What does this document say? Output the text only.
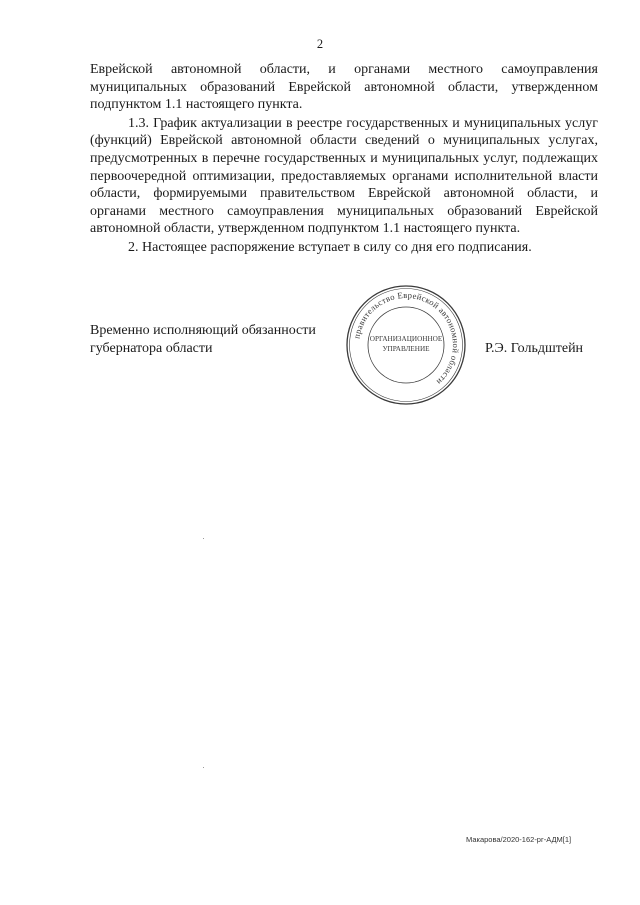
2

Еврейской автономной области, и органами местного самоуправления муниципальных образований Еврейской автономной области, утвержденном подпунктом 1.1 настоящего пункта.

1.3. График актуализации в реестре государственных и муниципальных услуг (функций) Еврейской автономной области сведений о муниципальных услугах, предусмотренных в перечне государственных и муниципальных услуг, подлежащих первоочередной оптимизации, предоставляемых органами исполнительной власти области, формируемыми правительством Еврейской автономной области, и органами местного самоуправления муниципальных образований Еврейской автономной области, утвержденном подпунктом 1.1 настоящего пункта.

2. Настоящее распоряжение вступает в силу со дня его подписания.

Временно исполняющий обязанности
губернатора области
правительство Еврейской автономной области
ОРГАНИЗАЦИОННОЕ
УПРАВЛЕНИЕ	Р.Э. Гольдштейн
Макарова/2020-162-рг-АДМ[1]
